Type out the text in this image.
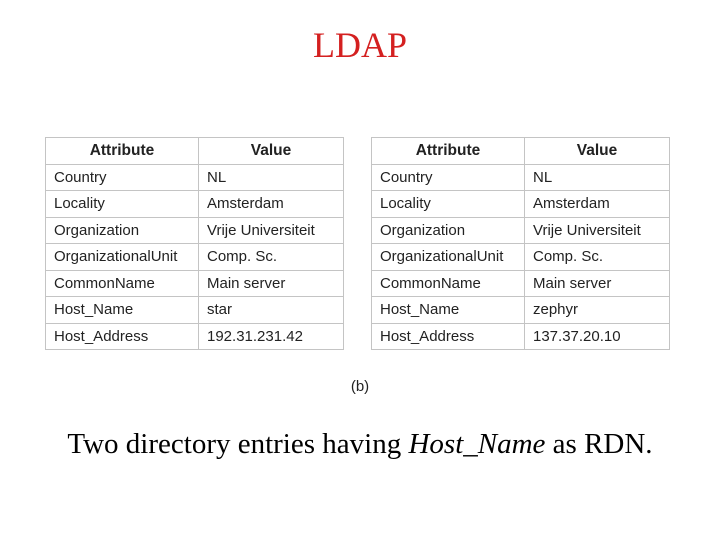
LDAP
Attribute	Value
Country	NL
Locality	Amsterdam
Organization	Vrije Universiteit
OrganizationalUnit	Comp. Sc.
CommonName	Main server
Host_Name	star
Host_Address	192.31.231.42
Attribute	Value
Country	NL
Locality	Amsterdam
Organization	Vrije Universiteit
OrganizationalUnit	Comp. Sc.
CommonName	Main server
Host_Name	zephyr
Host_Address	137.37.20.10
(b)
Two directory entries having Host_Name as RDN.
